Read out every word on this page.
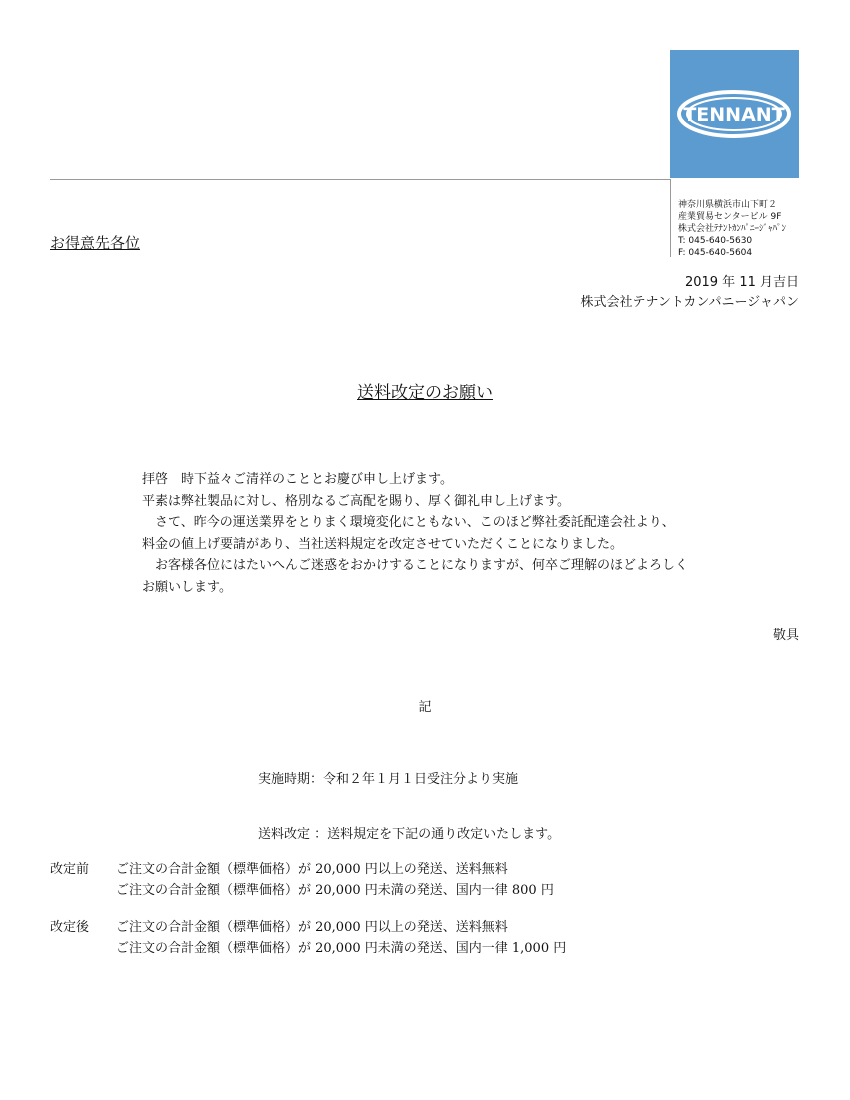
TENNANT
神奈川県横浜市山下町２
産業貿易センタービル 9F
株式会社ﾃﾅﾝﾄｶﾝﾊﾟﾆｰｼﾞｬﾊﾟﾝ
T: 045-640-5630
F: 045-640-5604
お得意先各位
2019 年 11 月吉日
株式会社テナントカンパニージャパン
送料改定のお願い
拝啓　時下益々ご清祥のこととお慶び申し上げます。
平素は弊社製品に対し、格別なるご高配を賜り、厚く御礼申し上げます。
　さて、昨今の運送業界をとりまく環境変化にともない、このほど弊社委託配達会社より、
料金の値上げ要請があり、当社送料規定を改定させていただくことになりました。
　お客様各位にはたいへんご迷惑をおかけすることになりますが、何卒ご理解のほどよろしく
お願いします。
敬具
記
実施時期：令和２年１月１日受注分より実施
送料改定 ：送料規定を下記の通り改定いたします。
改定前 ご注文の合計金額（標準価格）が 20,000 円以上の発送、送料無料
ご注文の合計金額（標準価格）が 20,000 円未満の発送、国内一律 800 円
改定後 ご注文の合計金額（標準価格）が 20,000 円以上の発送、送料無料
ご注文の合計金額（標準価格）が 20,000 円未満の発送、国内一律 1,000 円
